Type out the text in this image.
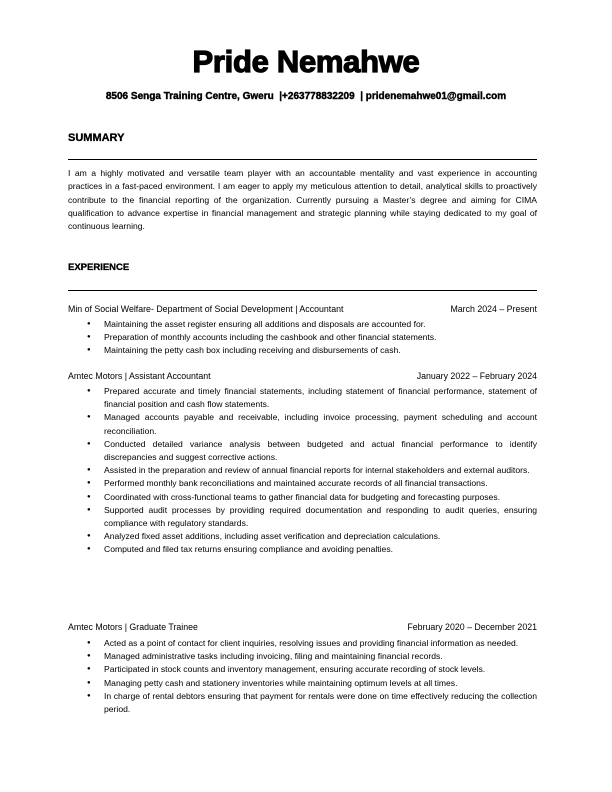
Pride Nemahwe
8506 Senga Training Centre, Gweru  |+263778832209  | pridenemahwe01@gmail.com
SUMMARY
I am a highly motivated and versatile team player with an accountable mentality and vast experience in accounting practices in a fast-paced environment. I am eager to apply my meticulous attention to detail, analytical skills to proactively contribute to the financial reporting of the organization. Currently pursuing a Master’s degree and aiming for CIMA qualification to advance expertise in financial management and strategic planning while staying dedicated to my goal of continuous learning.
EXPERIENCE
Min of Social Welfare- Department of Social Development | Accountant	March 2024 – Present
● Maintaining the asset register ensuring all additions and disposals are accounted for.
● Preparation of monthly accounts including the cashbook and other financial statements.
● Maintaining the petty cash box including receiving and disbursements of cash.
Amtec Motors | Assistant Accountant	January 2022 – February 2024
● Prepared accurate and timely financial statements, including statement of financial performance, statement of financial position and cash flow statements.
● Managed accounts payable and receivable, including invoice processing, payment scheduling and account reconciliation.
● Conducted detailed variance analysis between budgeted and actual financial performance to identify discrepancies and suggest corrective actions.
● Assisted in the preparation and review of annual financial reports for internal stakeholders and external auditors.
● Performed monthly bank reconciliations and maintained accurate records of all financial transactions.
● Coordinated with cross-functional teams to gather financial data for budgeting and forecasting purposes.
● Supported audit processes by providing required documentation and responding to audit queries, ensuring compliance with regulatory standards.
● Analyzed fixed asset additions, including asset verification and depreciation calculations.
● Computed and filed tax returns ensuring compliance and avoiding penalties.
Amtec Motors | Graduate Trainee	February 2020 – December 2021
● Acted as a point of contact for client inquiries, resolving issues and providing financial information as needed.
● Managed administrative tasks including invoicing, filing and maintaining financial records.
● Participated in stock counts and inventory management, ensuring accurate recording of stock levels.
● Managing petty cash and stationery inventories while maintaining optimum levels at all times.
● In charge of rental debtors ensuring that payment for rentals were done on time effectively reducing the collection period.
